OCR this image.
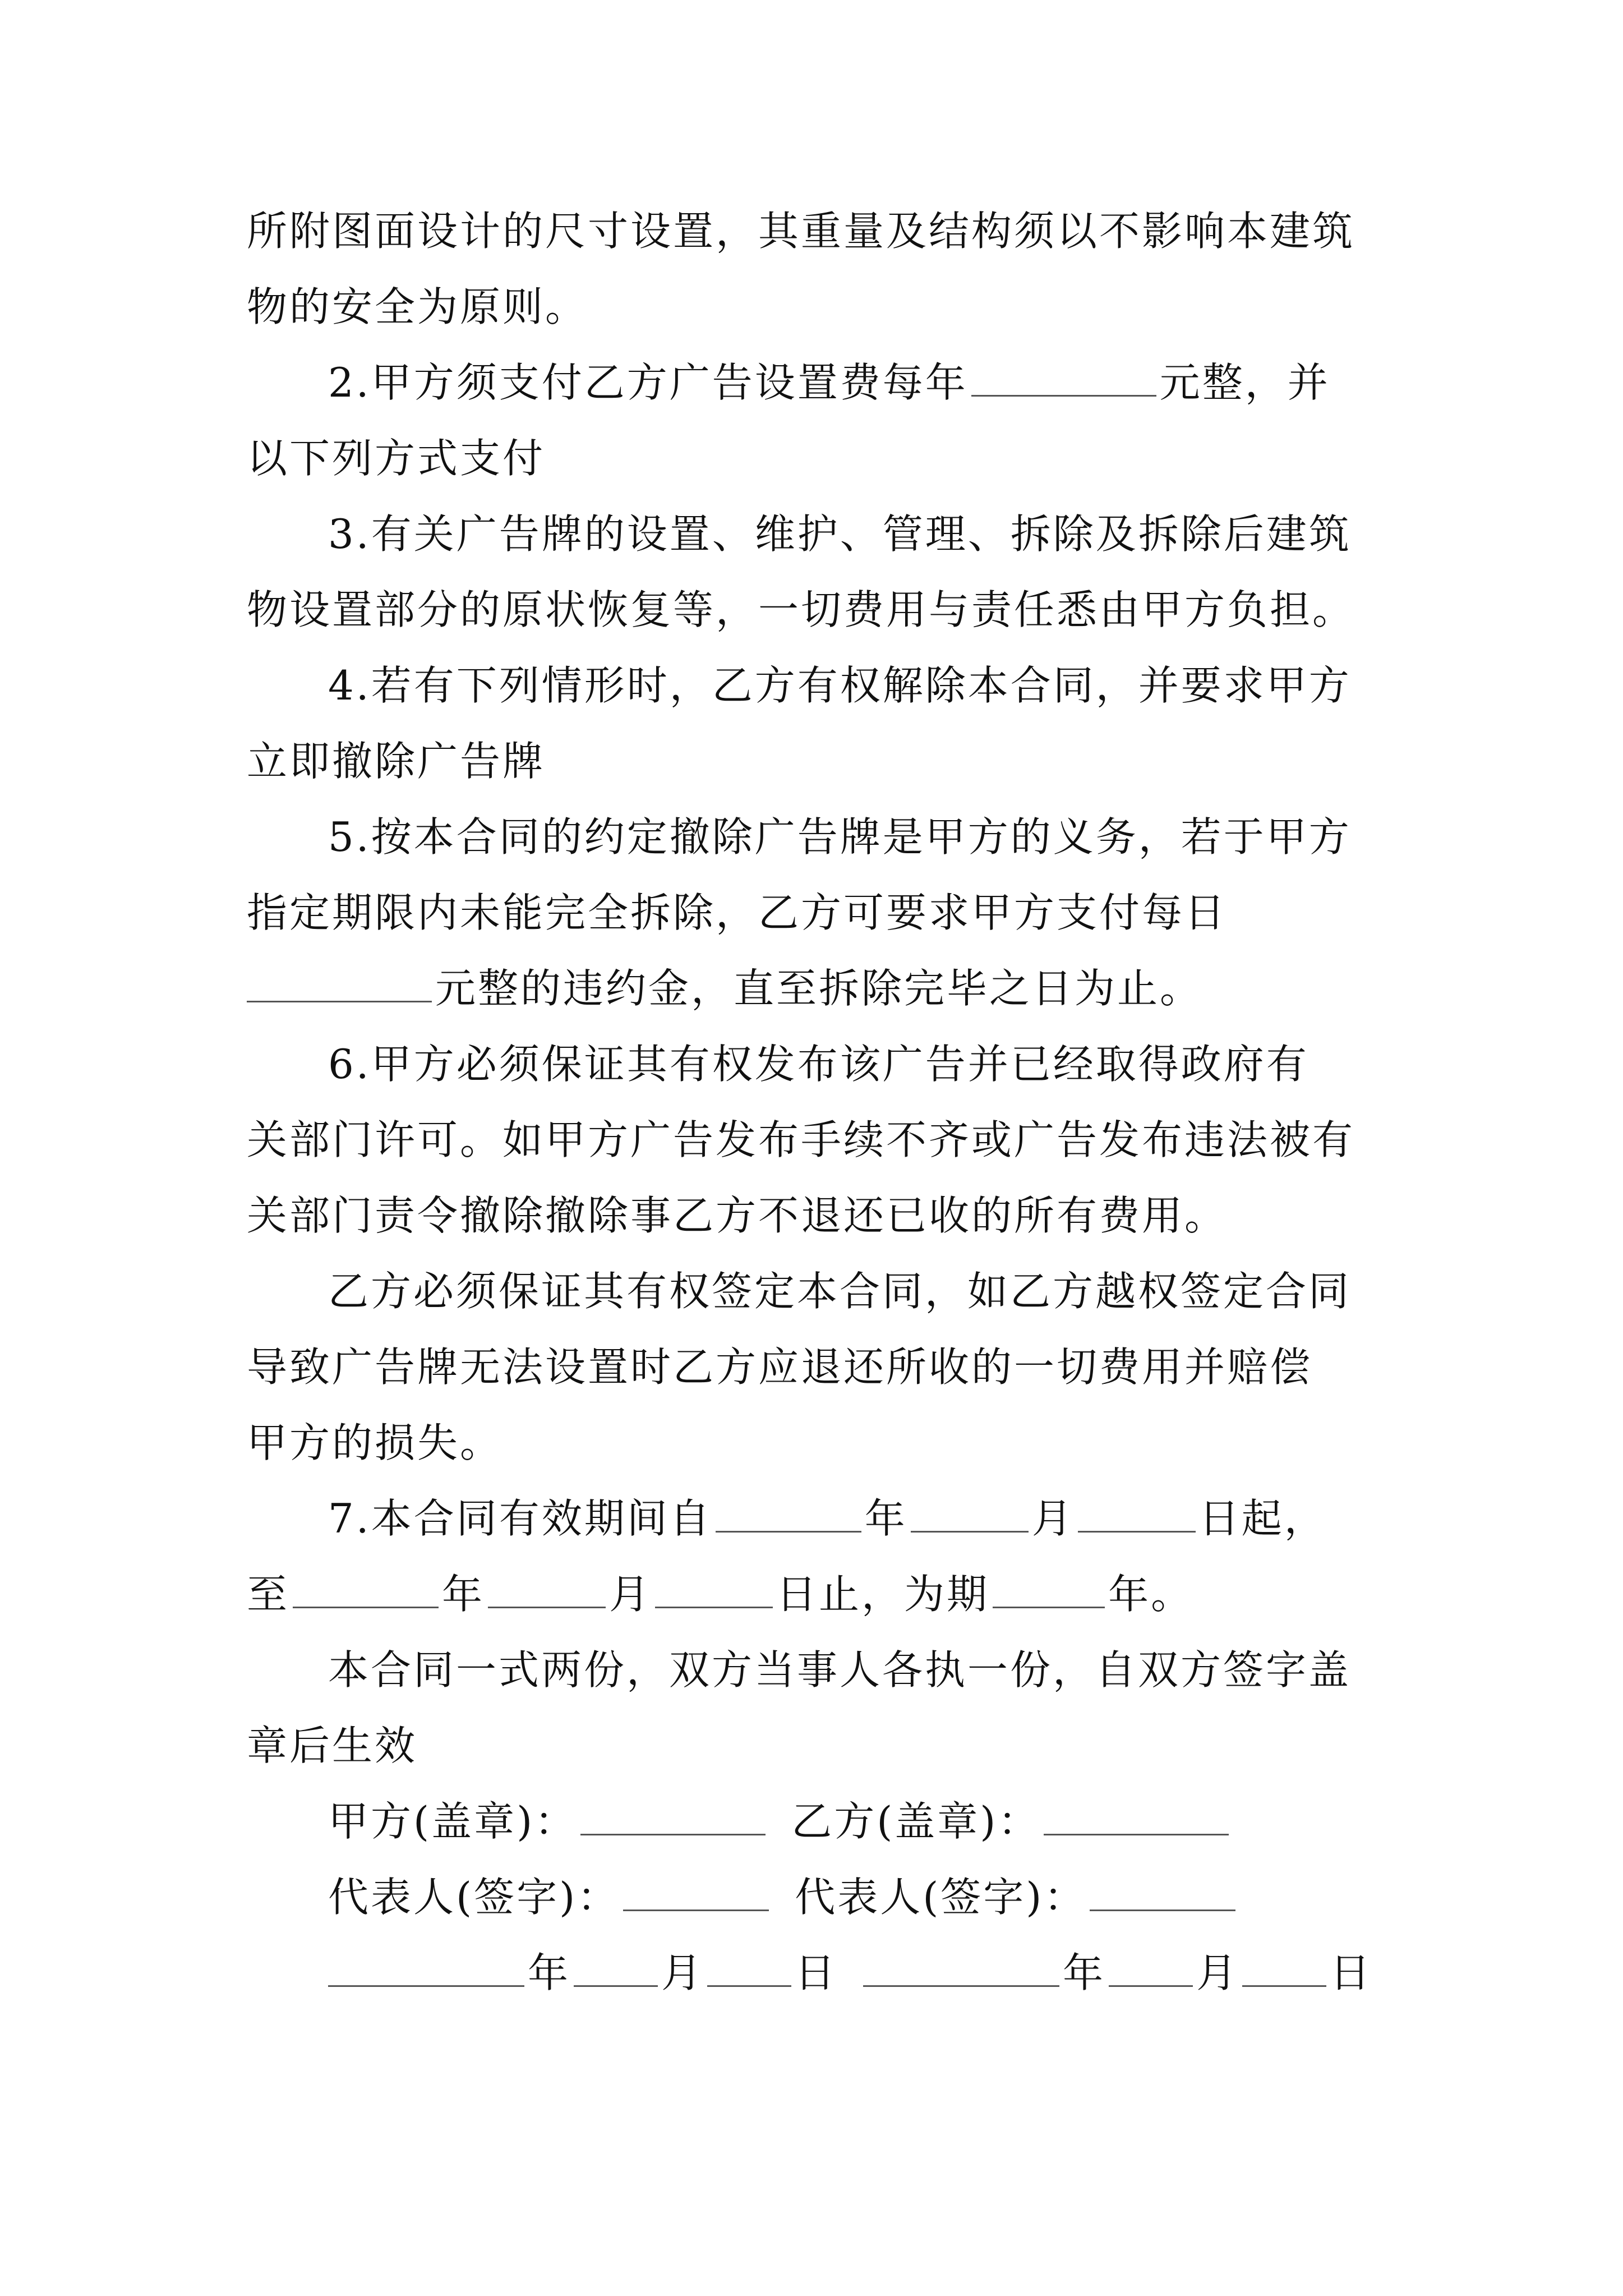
所附图面设计的尺寸设置，其重量及结构须以不影响本建筑
物的安全为原则。
2.甲方须支付乙方广告设置费每年	元整，并
以下列方式支付
3.有关广告牌的设置、维护、管理、拆除及拆除后建筑
物设置部分的原状恢复等，一切费用与责任悉由甲方负担。
4.若有下列情形时，乙方有权解除本合同，并要求甲方
立即撤除广告牌
5.按本合同的约定撤除广告牌是甲方的义务，若于甲方
指定期限内未能完全拆除，乙方可要求甲方支付每日
元整的违约金，直至拆除完毕之日为止。
6.甲方必须保证其有权发布该广告并已经取得政府有
关部门许可。如甲方广告发布手续不齐或广告发布违法被有
关部门责令撤除撤除事乙方不退还已收的所有费用。
乙方必须保证其有权签定本合同，如乙方越权签定合同
导致广告牌无法设置时乙方应退还所收的一切费用并赔偿
甲方的损失。
7.本合同有效期间自	年	月	日起，
至	年	月	日止，为期	年。
本合同一式两份，双方当事人各执一份，自双方签字盖
章后生效
甲方(盖章)：	乙方(盖章)：
代表人(签字)：	代表人(签字)：
年 月 日	年 月 日
